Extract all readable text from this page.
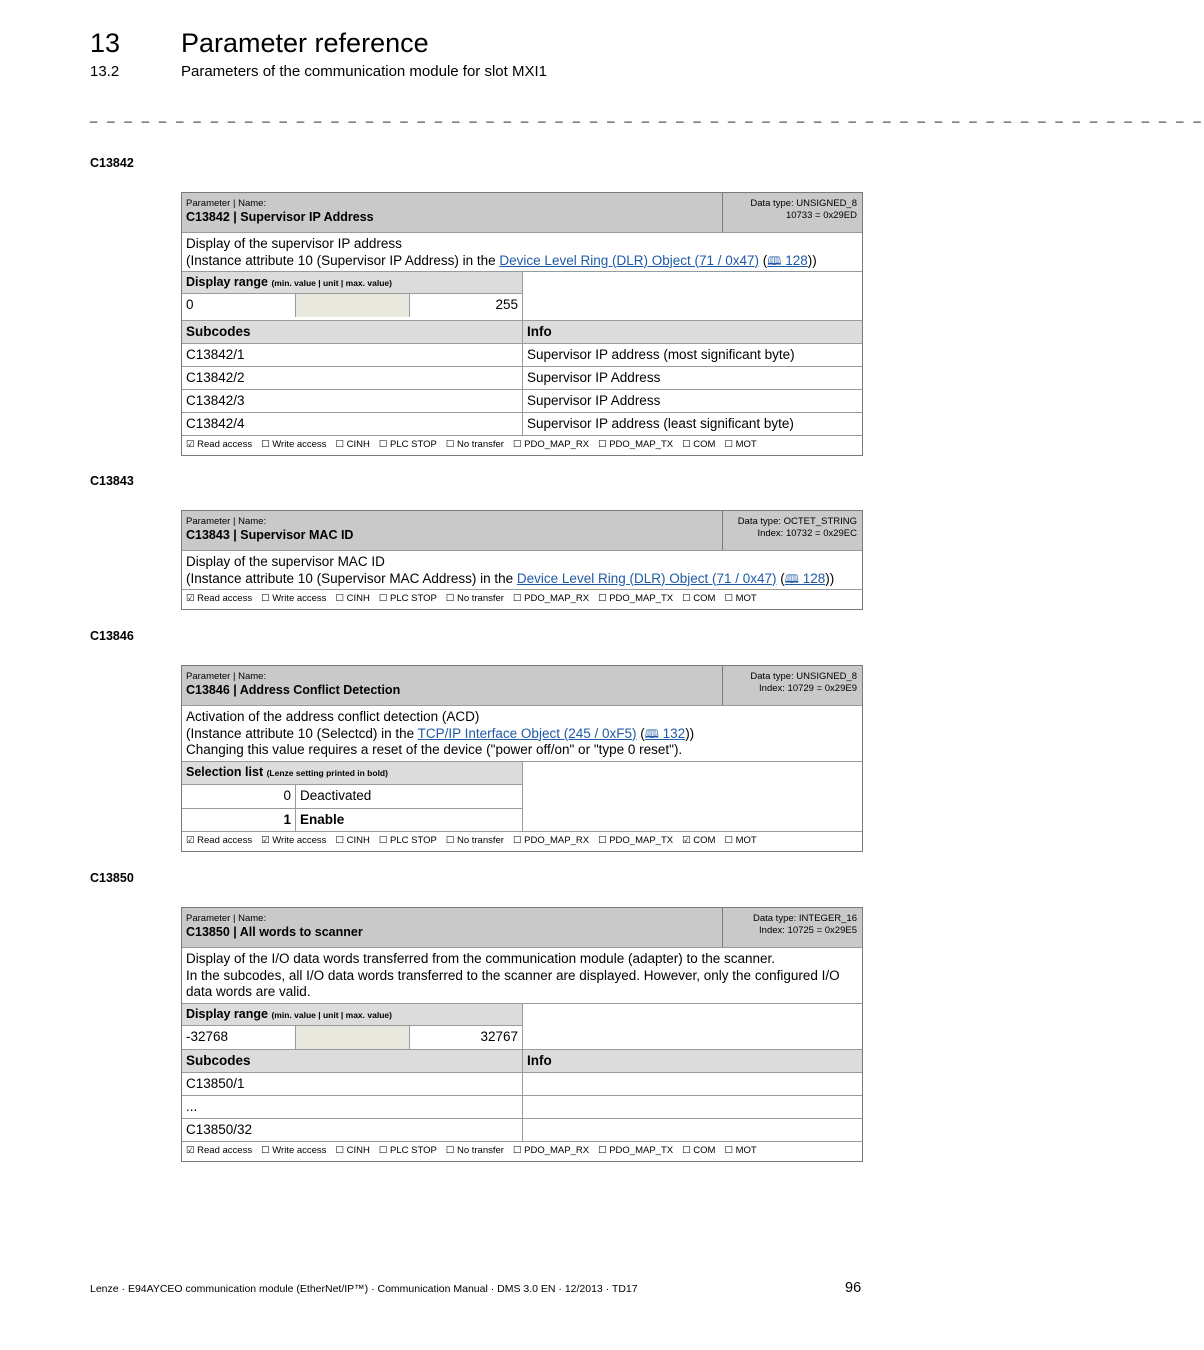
13 Parameter reference
13.2	Parameters of the communication module for slot MXI1
_ _ _ _ _ _ _ _ _ _ _ _ _ _ _ _ _ _ _ _ _ _ _ _ _ _ _ _ _ _ _ _ _ _ _ _ _ _ _ _ _ _ _ _ _ _ _ _ _ _ _ _ _ _ _ _ _ _ _ _ _ _ _ _ _
C13842
Parameter | Name:
C13842 | Supervisor IP Address
Data type: UNSIGNED_8
10733 = 0x29ED
Display of the supervisor IP address
(Instance attribute 10 (Supervisor IP Address) in the Device Level Ring (DLR) Object (71 / 0x47) (🕮 128))
Display range (min. value | unit | max. value)
0	255
Subcodes	Info
C13842/1	Supervisor IP address (most significant byte)
C13842/2	Supervisor IP Address
C13842/3	Supervisor IP Address
C13842/4	Supervisor IP address (least significant byte)
☑ Read access ☐ Write access ☐ CINH ☐ PLC STOP ☐ No transfer ☐ PDO_MAP_RX ☐ PDO_MAP_TX ☐ COM ☐ MOT
C13843
Parameter | Name:
C13843 | Supervisor MAC ID
Data type: OCTET_STRING
Index: 10732 = 0x29EC
Display of the supervisor MAC ID
(Instance attribute 10 (Supervisor MAC Address) in the Device Level Ring (DLR) Object (71 / 0x47) (🕮 128))
☑ Read access ☐ Write access ☐ CINH ☐ PLC STOP ☐ No transfer ☐ PDO_MAP_RX ☐ PDO_MAP_TX ☐ COM ☐ MOT
C13846
Parameter | Name:
C13846 | Address Conflict Detection
Data type: UNSIGNED_8
Index: 10729 = 0x29E9
Activation of the address conflict detection (ACD)
(Instance attribute 10 (Selectcd) in the TCP/IP Interface Object (245 / 0xF5) (🕮 132))
Changing this value requires a reset of the device ("power off/on" or "type 0 reset").
Selection list (Lenze setting printed in bold)
0 Deactivated
1 Enable
☑ Read access ☑ Write access ☐ CINH ☐ PLC STOP ☐ No transfer ☐ PDO_MAP_RX ☐ PDO_MAP_TX ☑ COM ☐ MOT
C13850
Parameter | Name:
C13850 | All words to scanner
Data type: INTEGER_16
Index: 10725 = 0x29E5
Display of the I/O data words transferred from the communication module (adapter) to the scanner.
In the subcodes, all I/O data words transferred to the scanner are displayed. However, only the configured I/O data words are valid.
Display range (min. value | unit | max. value)
-32768	32767
Subcodes	Info
C13850/1
...
C13850/32
☑ Read access ☐ Write access ☐ CINH ☐ PLC STOP ☐ No transfer ☐ PDO_MAP_RX ☐ PDO_MAP_TX ☐ COM ☐ MOT
Lenze · E94AYCEO communication module (EtherNet/IP™) · Communication Manual · DMS 3.0 EN · 12/2013 · TD17	96
